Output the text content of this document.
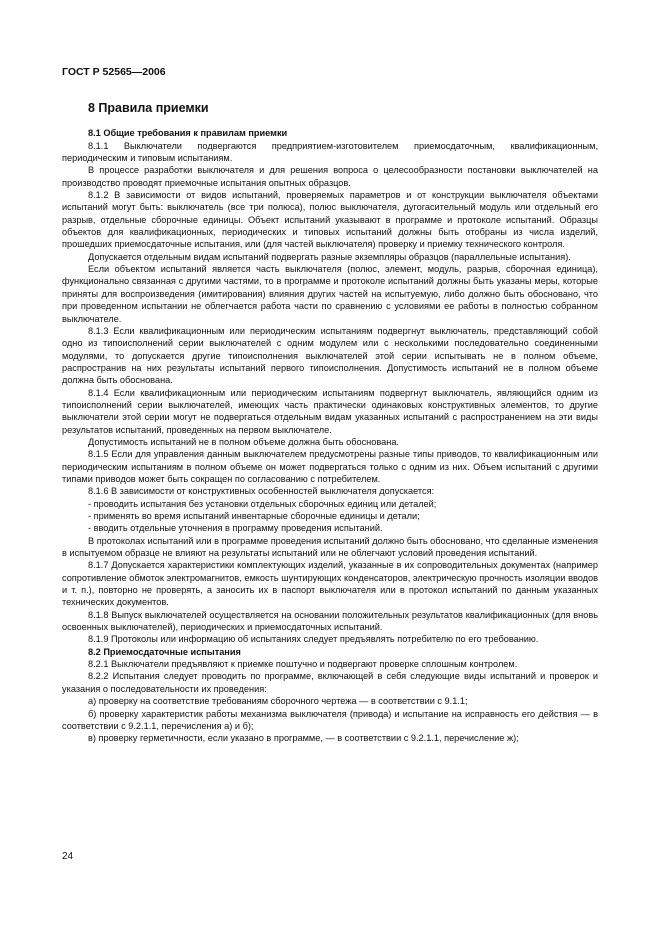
ГОСТ Р 52565—2006
8 Правила приемки
8.1 Общие требования к правилам приемки

8.1.1 Выключатели подвергаются предприятием-изготовителем приемосдаточным, квалификационным, периодическим и типовым испытаниям.

В процессе разработки выключателя и для решения вопроса о целесообразности постановки выключателей на производство проводят приемочные испытания опытных образцов.

8.1.2 В зависимости от видов испытаний, проверяемых параметров и от конструкции выключателя объектами испытаний могут быть: выключатель (все три полюса), полюс выключателя, дугогасительный модуль или отдельный его разрыв, отдельные сборочные единицы. Объект испытаний указывают в программе и протоколе испытаний. Образцы объектов для квалификационных, периодических и типовых испытаний должны быть отобраны из числа изделий, прошедших приемосдаточные испытания, или (для частей выключателя) проверку и приемку технического контроля.

Допускается отдельным видам испытаний подвергать разные экземпляры образцов (параллельные испытания).

Если объектом испытаний является часть выключателя (полюс, элемент, модуль, разрыв, сборочная единица), функционально связанная с другими частями, то в программе и протоколе испытаний должны быть указаны меры, которые приняты для воспроизведения (имитирования) влияния других частей на испытуемую, либо должно быть обосновано, что при проведенном испытании не облегчается работа части по сравнению с условиями ее работы в полностью собранном выключателе.

8.1.3 Если квалификационным или периодическим испытаниям подвергнут выключатель, представляющий собой одно из типоисполнений серии выключателей с одним модулем или с несколькими последовательно соединенными модулями, то допускается другие типоисполнения выключателей этой серии испытывать не в полном объеме, распространив на них результаты испытаний первого типоисполнения. Допустимость испытаний не в полном объеме должна быть обоснована.

8.1.4 Если квалификационным или периодическим испытаниям подвергнут выключатель, являющийся одним из типоисполнений серии выключателей, имеющих часть практически одинаковых конструктивных элементов, то другие выключатели этой серии могут не подвергаться отдельным видам указанных испытаний с распространением на эти виды результатов испытаний, проведенных на первом выключателе.

Допустимость испытаний не в полном объеме должна быть обоснована.

8.1.5 Если для управления данным выключателем предусмотрены разные типы приводов, то квалификационным или периодическим испытаниям в полном объеме он может подвергаться только с одним из них. Объем испытаний с другими типами приводов может быть сокращен по согласованию с потребителем.

8.1.6 В зависимости от конструктивных особенностей выключателя допускается:

- проводить испытания без установки отдельных сборочных единиц или деталей;

- применять во время испытаний инвентарные сборочные единицы и детали;

- вводить отдельные уточнения в программу проведения испытаний.

В протоколах испытаний или в программе проведения испытаний должно быть обосновано, что сделанные изменения в испытуемом образце не влияют на результаты испытаний или не облегчают условий проведения испытаний.

8.1.7 Допускается характеристики комплектующих изделий, указанные в их сопроводительных документах (например сопротивление обмоток электромагнитов, емкость шунтирующих конденсаторов, электрическую прочность изоляции вводов и т. п.), повторно не проверять, а заносить их в паспорт выключателя или в протокол испытаний по данным указанных технических документов.

8.1.8 Выпуск выключателей осуществляется на основании положительных результатов квалификационных (для вновь освоенных выключателей), периодических и приемосдаточных испытаний.

8.1.9 Протоколы или информацию об испытаниях следует предъявлять потребителю по его требованию.

8.2 Приемосдаточные испытания

8.2.1 Выключатели предъявляют к приемке поштучно и подвергают проверке сплошным контролем.

8.2.2 Испытания следует проводить по программе, включающей в себя следующие виды испытаний и проверок и указания о последовательности их проведения:

а) проверку на соответствие требованиям сборочного чертежа — в соответствии с 9.1.1;

б) проверку характеристик работы механизма выключателя (привода) и испытание на исправность его действия — в соответствии с 9.2.1.1, перечисления а) и б);

в) проверку герметичности, если указано в программе, — в соответствии с 9.2.1.1, перечисление ж);

24
